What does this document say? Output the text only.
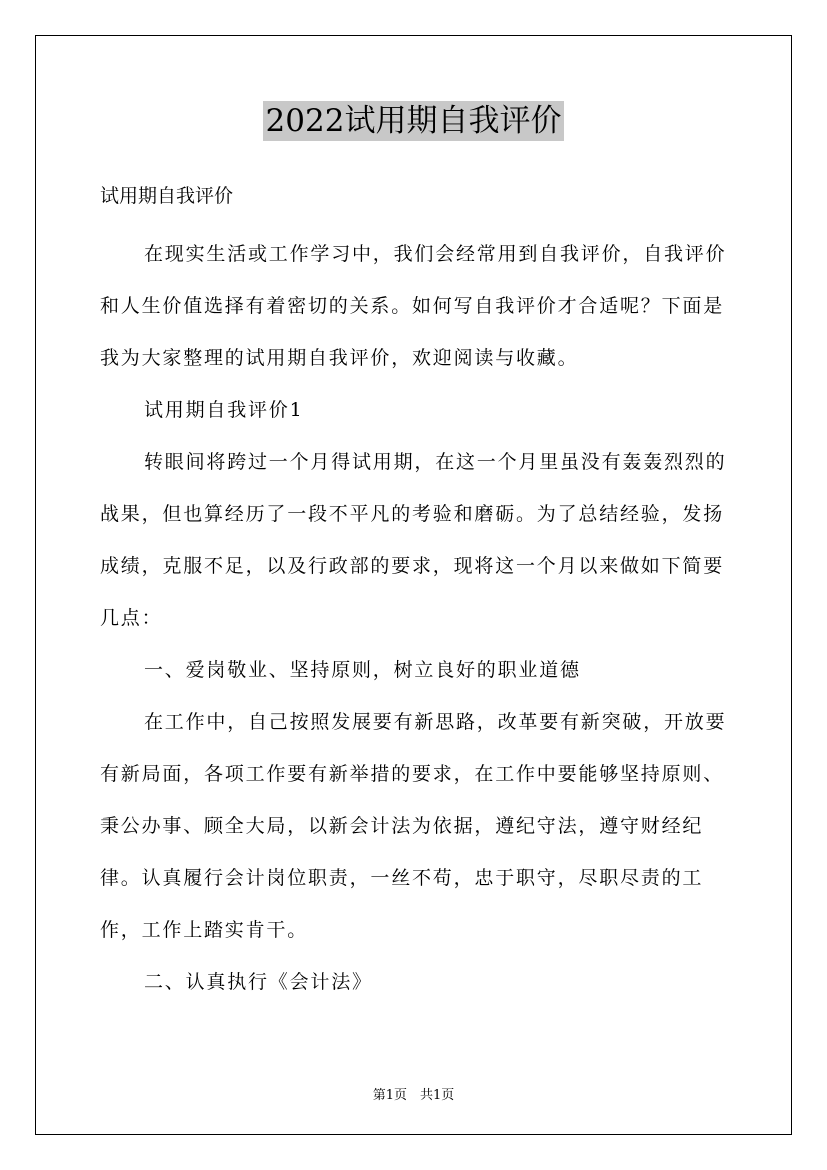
2022试用期自我评价
试用期自我评价

在现实生活或工作学习中，我们会经常用到自我评价，自我评价和人生价值选择有着密切的关系。如何写自我评价才合适呢？下面是我为大家整理的试用期自我评价，欢迎阅读与收藏。

试用期自我评价1

转眼间将跨过一个月得试用期，在这一个月里虽没有轰轰烈烈的战果，但也算经历了一段不平凡的考验和磨砺。为了总结经验，发扬成绩，克服不足，以及行政部的要求，现将这一个月以来做如下简要几点：

一、爱岗敬业、坚持原则，树立良好的职业道德

在工作中，自己按照发展要有新思路，改革要有新突破，开放要有新局面，各项工作要有新举措的要求，在工作中要能够坚持原则、秉公办事、顾全大局，以新会计法为依据，遵纪守法，遵守财经纪律。认真履行会计岗位职责，一丝不苟，忠于职守，尽职尽责的工作，工作上踏实肯干。

二、认真执行《会计法》

第1页　共1页
